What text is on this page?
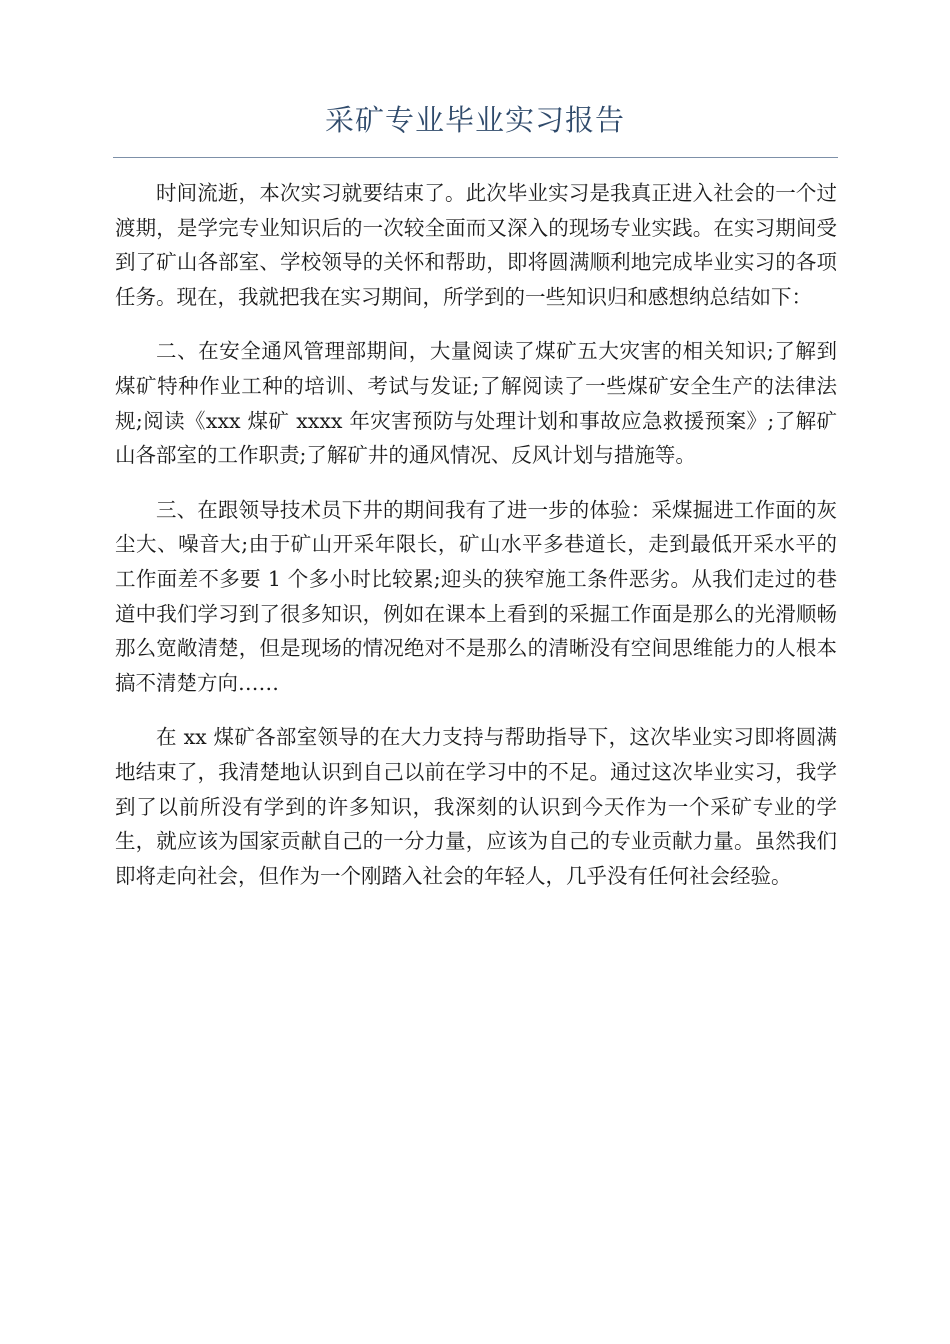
采矿专业毕业实习报告

时间流逝，本次实习就要结束了。此次毕业实习是我真正进入社会的一个过渡期，是学完专业知识后的一次较全面而又深入的现场专业实践。在实习期间受到了矿山各部室、学校领导的关怀和帮助，即将圆满顺利地完成毕业实习的各项任务。现在，我就把我在实习期间，所学到的一些知识归和感想纳总结如下：

二、在安全通风管理部期间，大量阅读了煤矿五大灾害的相关知识;了解到煤矿特种作业工种的培训、考试与发证;了解阅读了一些煤矿安全生产的法律法规;阅读《xxx 煤矿 xxxx 年灾害预防与处理计划和事故应急救援预案》;了解矿山各部室的工作职责;了解矿井的通风情况、反风计划与措施等。

三、在跟领导技术员下井的期间我有了进一步的体验：采煤掘进工作面的灰尘大、噪音大;由于矿山开采年限长，矿山水平多巷道长，走到最低开采水平的工作面差不多要 1 个多小时比较累;迎头的狭窄施工条件恶劣。从我们走过的巷道中我们学习到了很多知识，例如在课本上看到的采掘工作面是那么的光滑顺畅那么宽敞清楚，但是现场的情况绝对不是那么的清晰没有空间思维能力的人根本搞不清楚方向……

在 xx 煤矿各部室领导的在大力支持与帮助指导下，这次毕业实习即将圆满地结束了，我清楚地认识到自己以前在学习中的不足。通过这次毕业实习，我学到了以前所没有学到的许多知识，我深刻的认识到今天作为一个采矿专业的学生，就应该为国家贡献自己的一分力量，应该为自己的专业贡献力量。虽然我们即将走向社会，但作为一个刚踏入社会的年轻人，几乎没有任何社会经验。
